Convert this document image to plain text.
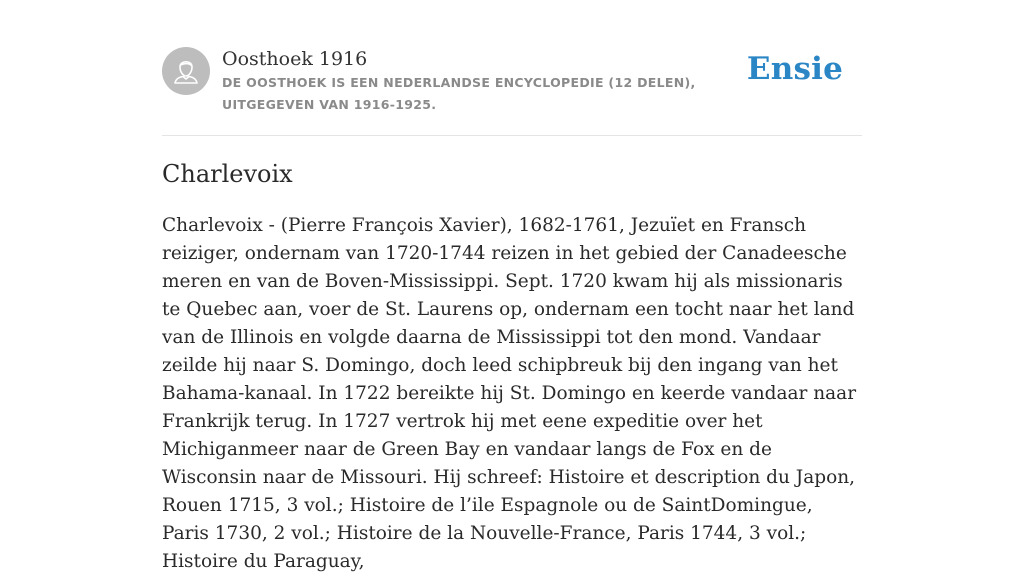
Oosthoek 1916
DE OOSTHOEK IS EEN NEDERLANDSE ENCYCLOPEDIE (12 DELEN), UITGEGEVEN VAN 1916-1925.
Ensie
Charlevoix
Charlevoix - (Pierre François Xavier), 1682-1761, Jezuïet en Fransch reiziger, ondernam van 1720-1744 reizen in het gebied der Canadeesche meren en van de Boven-Mississippi. Sept. 1720 kwam hij als missionaris te Quebec aan, voer de St. Laurens op, ondernam een tocht naar het land van de Illinois en volgde daarna de Mississippi tot den mond. Vandaar zeilde hij naar S. Domingo, doch leed schipbreuk bij den ingang van het Bahama-kanaal. In 1722 bereikte hij St. Domingo en keerde vandaar naar Frankrijk terug. In 1727 vertrok hij met eene expeditie over het Michiganmeer naar de Green Bay en vandaar langs de Fox en de Wisconsin naar de Missouri. Hij schreef: Histoire et description du Japon, Rouen 1715, 3 vol.; Histoire de l’ile Espagnole ou de SaintDomingue, Paris 1730, 2 vol.; Histoire de la Nouvelle-France, Paris 1744, 3 vol.; Histoire du Paraguay,
